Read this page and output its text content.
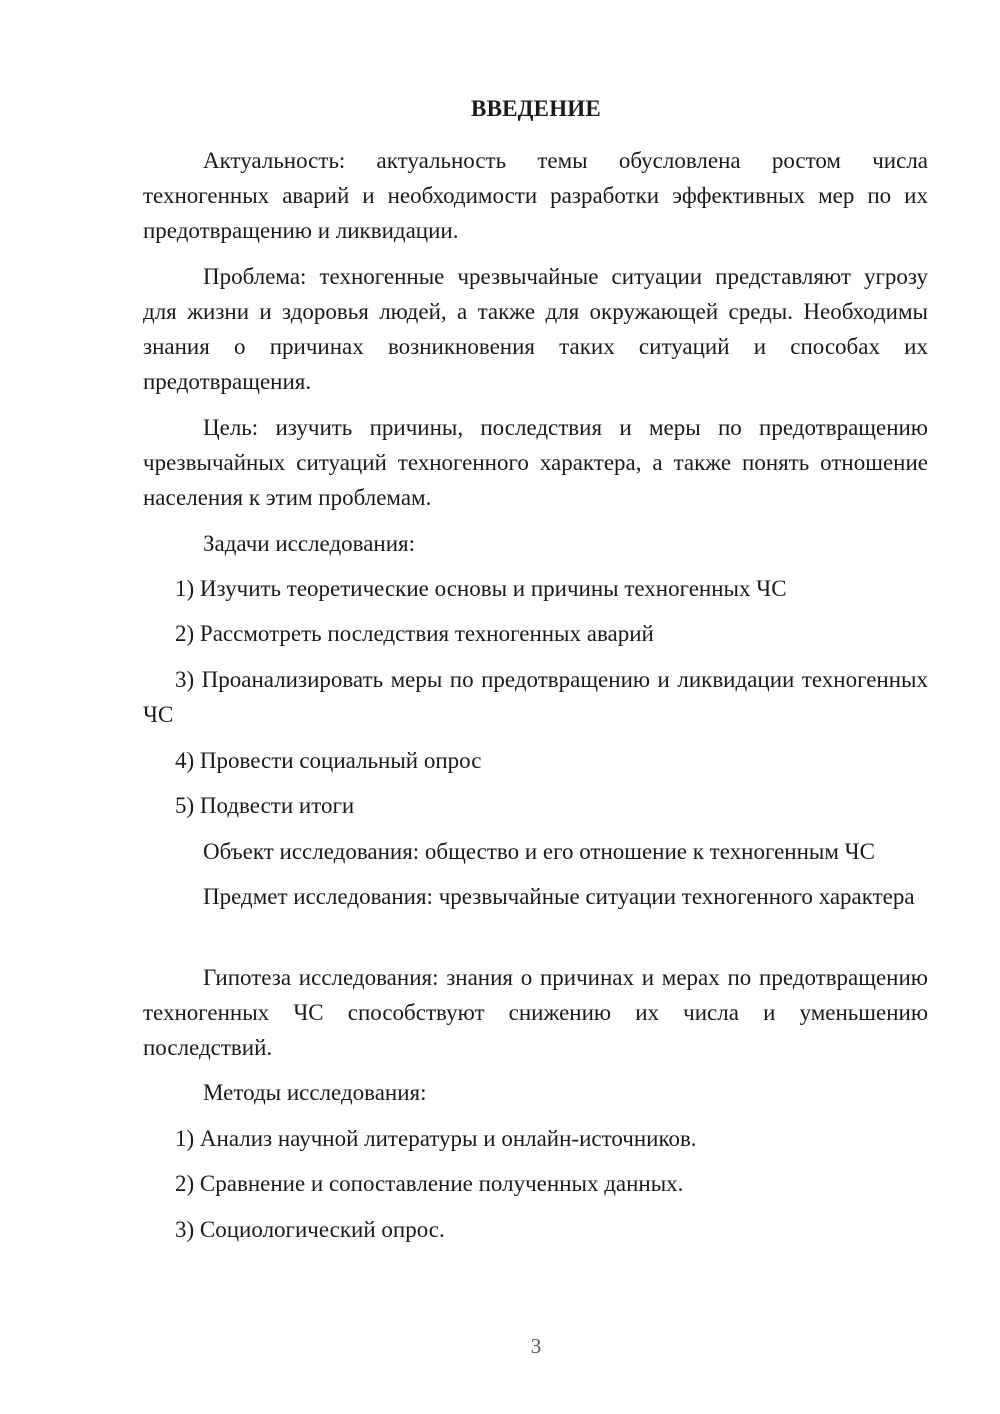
ВВЕДЕНИЕ
Актуальность: актуальность темы обусловлена ростом числа техногенных аварий и необходимости разработки эффективных мер по их предотвращению и ликвидации.
Проблема: техногенные чрезвычайные ситуации представляют угрозу для жизни и здоровья людей, а также для окружающей среды. Необходимы знания о причинах возникновения таких ситуаций и способах их предотвращения.
Цель: изучить причины, последствия и меры по предотвращению чрезвычайных ситуаций техногенного характера, а также понять отношение населения к этим проблемам.
Задачи исследования:
1) Изучить теоретические основы и причины техногенных ЧС
2) Рассмотреть последствия техногенных аварий
3) Проанализировать меры по предотвращению и ликвидации техногенных ЧС
4) Провести социальный опрос
5) Подвести итоги
Объект исследования: общество и его отношение к техногенным ЧС
Предмет исследования: чрезвычайные ситуации техногенного характера
Гипотеза исследования: знания о причинах и мерах по предотвращению техногенных ЧС способствуют снижению их числа и уменьшению последствий.
Методы исследования:
1) Анализ научной литературы и онлайн-источников.
2) Сравнение и сопоставление полученных данных.
3) Социологический опрос.
3
